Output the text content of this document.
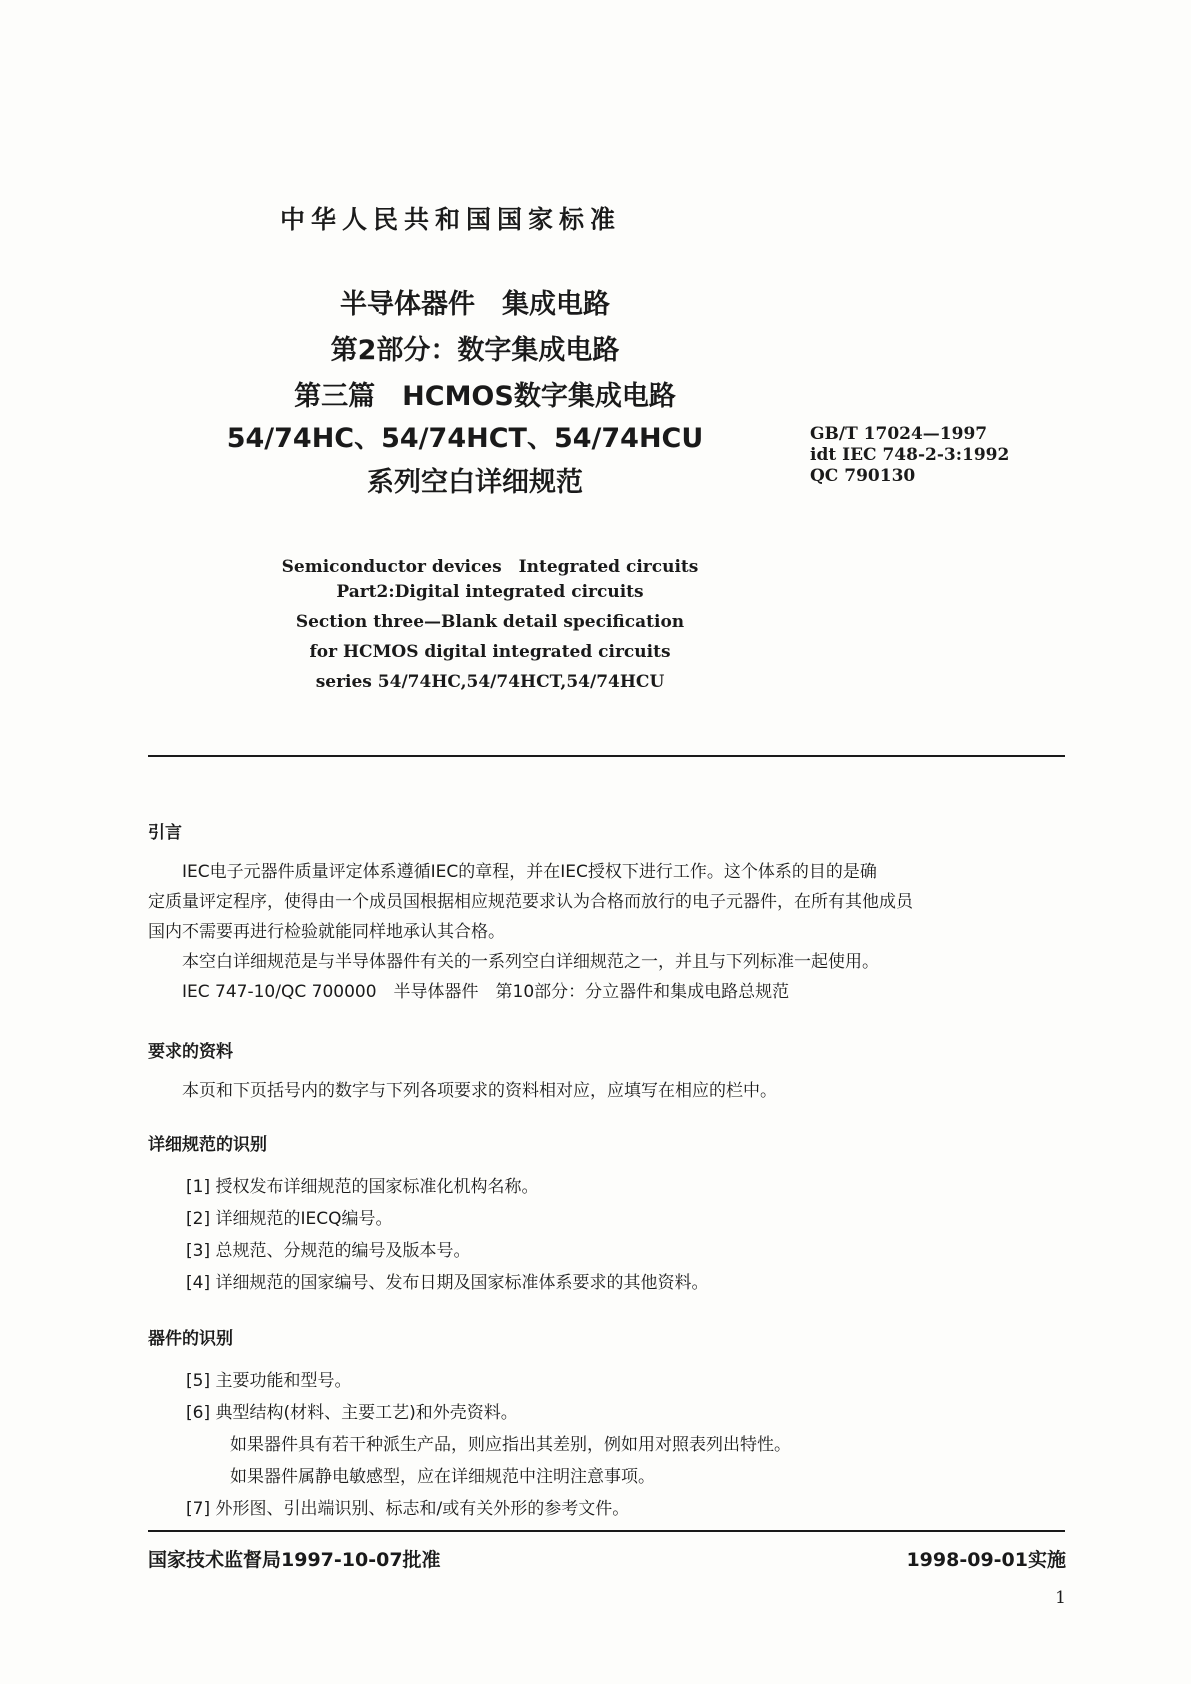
中华人民共和国国家标准
半导体器件　集成电路
第2部分：数字集成电路
第三篇　HCMOS数字集成电路
54/74HC、54/74HCT、54/74HCU
系列空白详细规范
GB/T 17024—1997
idt IEC 748-2-3:1992
QC 790130
Semiconductor devices　Integrated circuits
Part2:Digital integrated circuits
Section three—Blank detail specification
for HCMOS digital integrated circuits
series 54/74HC,54/74HCT,54/74HCU
引言
IEC电子元器件质量评定体系遵循IEC的章程，并在IEC授权下进行工作。这个体系的目的是确
定质量评定程序，使得由一个成员国根据相应规范要求认为合格而放行的电子元器件，在所有其他成员
国内不需要再进行检验就能同样地承认其合格。
本空白详细规范是与半导体器件有关的一系列空白详细规范之一，并且与下列标准一起使用。
IEC 747-10/QC 700000　半导体器件　第10部分：分立器件和集成电路总规范
要求的资料
本页和下页括号内的数字与下列各项要求的资料相对应，应填写在相应的栏中。
详细规范的识别
[1] 授权发布详细规范的国家标准化机构名称。
[2] 详细规范的IECQ编号。
[3] 总规范、分规范的编号及版本号。
[4] 详细规范的国家编号、发布日期及国家标准体系要求的其他资料。
器件的识别
[5] 主要功能和型号。
[6] 典型结构(材料、主要工艺)和外壳资料。
如果器件具有若干种派生产品，则应指出其差别，例如用对照表列出特性。
如果器件属静电敏感型，应在详细规范中注明注意事项。
[7] 外形图、引出端识别、标志和/或有关外形的参考文件。
国家技术监督局1997-10-07批准	1998-09-01实施
1
